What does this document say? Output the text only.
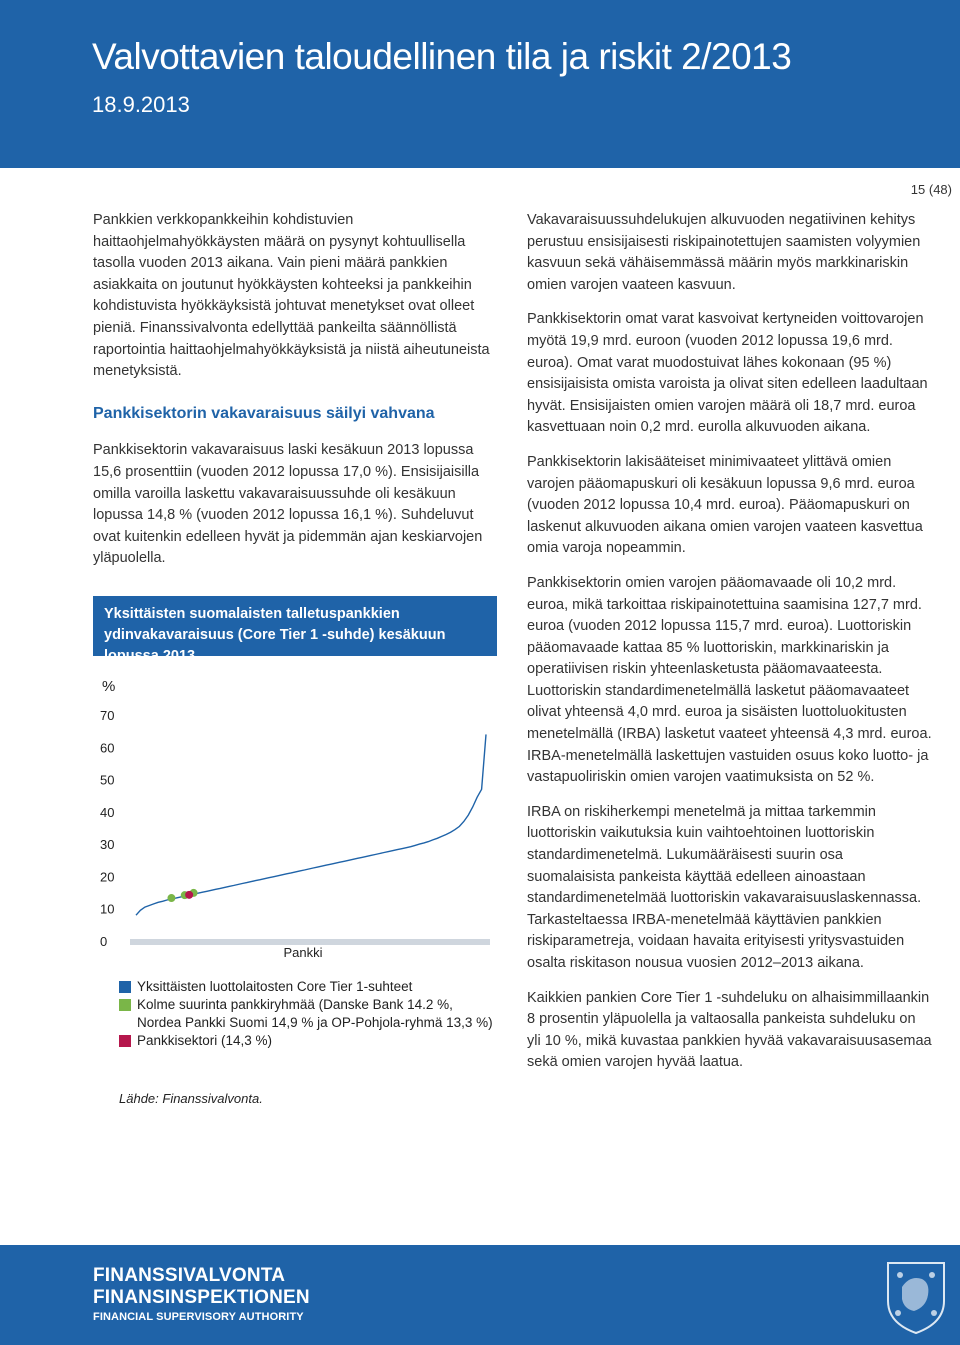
Valvottavien taloudellinen tila ja riskit 2/2013
18.9.2013
15 (48)

Pankkien verkkopankkeihin kohdistuvien haittaohjelmahyökkäysten määrä on pysynyt kohtuullisella tasolla vuoden 2013 aikana. Vain pieni määrä pankkien asiakkaita on joutunut hyökkäysten kohteeksi ja pankkeihin kohdistuvista hyökkäyksistä johtuvat menetykset ovat olleet pieniä. Finanssivalvonta edellyttää pankeilta säännöllistä raportointia haittaohjelmahyökkäyksistä ja niistä aiheutuneista menetyksistä.

Pankkisektorin vakavaraisuus säilyi vahvana

Pankkisektorin vakavaraisuus laski kesäkuun 2013 lopussa 15,6 prosenttiin (vuoden 2012 lopussa 17,0 %). Ensisijaisilla omilla varoilla laskettu vakavaraisuussuhde oli kesäkuun lopussa 14,8 % (vuoden 2012 lopussa 16,1 %). Suhdeluvut ovat kuitenkin edelleen hyvät ja pidemmän ajan keskiarvojen yläpuolella.

Yksittäisten suomalaisten talletuspankkien ydinvakavaraisuus (Core Tier 1 -suhde) kesäkuun lopussa 2013
%
0
10
20
30
40
50
60
70
Pankki
Yksittäisten luottolaitosten Core Tier 1-suhteet
Kolme suurinta pankkiryhmää (Danske Bank 14.2 %, Nordea Pankki Suomi 14,9 % ja OP-Pohjola-ryhmä 13,3 %)
Pankkisektori (14,3 %)
Lähde: Finanssivalvonta.

Vakavaraisuussuhdelukujen alkuvuoden negatiivinen kehitys perustuu ensisijaisesti riskipainotettujen saamisten volyymien kasvuun sekä vähäisemmässä määrin myös markkinariskin omien varojen vaateen kasvuun.

Pankkisektorin omat varat kasvoivat kertyneiden voittovarojen myötä 19,9 mrd. euroon (vuoden 2012 lopussa 19,6 mrd. euroa). Omat varat muodostuivat lähes kokonaan (95 %) ensisijaisista omista varoista ja olivat siten edelleen laadultaan hyvät. Ensisijaisten omien varojen määrä oli 18,7 mrd. euroa kasvettuaan noin 0,2 mrd. eurolla alkuvuoden aikana.

Pankkisektorin lakisääteiset minimivaateet ylittävä omien varojen pääomapuskuri oli kesäkuun lopussa 9,6 mrd. euroa (vuoden 2012 lopussa 10,4 mrd. euroa). Pääomapuskuri on laskenut alkuvuoden aikana omien varojen vaateen kasvettua omia varoja nopeammin.

Pankkisektorin omien varojen pääomavaade oli 10,2 mrd. euroa, mikä tarkoittaa riskipainotettuina saamisina 127,7 mrd. euroa (vuoden 2012 lopussa 115,7 mrd. euroa). Luottoriskin pääomavaade kattaa 85 % luottoriskin, markkinariskin ja operatiivisen riskin yhteenlasketusta pääomavaateesta. Luottoriskin standardimenetelmällä lasketut pääomavaateet olivat yhteensä 4,0 mrd. euroa ja sisäisten luottoluokitusten menetelmällä (IRBA) lasketut vaateet yhteensä 4,3 mrd. euroa. IRBA-menetelmällä laskettujen vastuiden osuus koko luotto- ja vastapuoliriskin omien varojen vaatimuksista on 52 %.

IRBA on riskiherkempi menetelmä ja mittaa tarkemmin luottoriskin vaikutuksia kuin vaihtoehtoinen luottoriskin standardimenetelmä. Lukumääräisesti suurin osa suomalaisista pankeista käyttää edelleen ainoastaan standardimenetelmää luottoriskin vakavaraisuuslaskennassa. Tarkasteltaessa IRBA-menetelmää käyttävien pankkien riskiparametreja, voidaan havaita erityisesti yritysvastuiden osalta riskitason nousua vuosien 2012–2013 aikana.

Kaikkien pankien Core Tier 1 -suhdeluku on alhaisimmillaankin 8 prosentin yläpuolella ja valtaosalla pankeista suhdeluku on yli 10 %, mikä kuvastaa pankkien hyvää vakavaraisuusasemaa sekä omien varojen hyvää laatua.

FINANSSIVALVONTA
FINANSINSPEKTIONEN
FINANCIAL SUPERVISORY AUTHORITY
